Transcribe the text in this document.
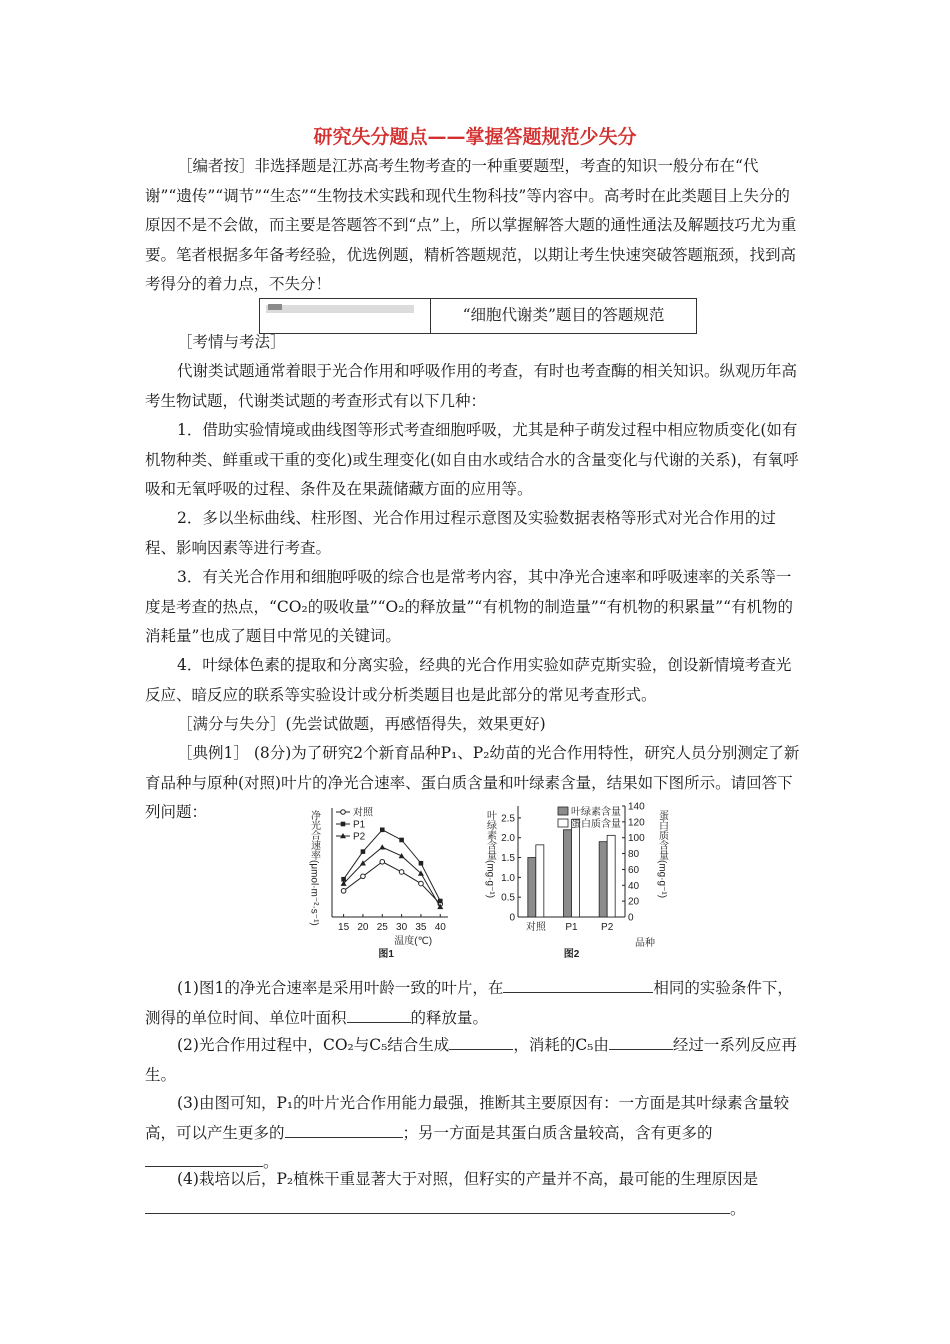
研究失分题点——掌握答题规范少失分

［编者按］非选择题是江苏高考生物考查的一种重要题型，考查的知识一般分布在“代谢”“遗传”“调节”“生态”“生物技术实践和现代生物科技”等内容中。高考时在此类题目上失分的原因不是不会做，而主要是答题答不到“点”上，所以掌握解答大题的通性通法及解题技巧尤为重要。笔者根据多年备考经验，优选例题，精析答题规范，以期让考生快速突破答题瓶颈，找到高考得分的着力点，不失分！

“细胞代谢类”题目的答题规范

［考情与考法］

代谢类试题通常着眼于光合作用和呼吸作用的考查，有时也考查酶的相关知识。纵观历年高考生物试题，代谢类试题的考查形式有以下几种：

1．借助实验情境或曲线图等形式考查细胞呼吸，尤其是种子萌发过程中相应物质变化(如有机物种类、鲜重或干重的变化)或生理变化(如自由水或结合水的含量变化与代谢的关系)，有氧呼吸和无氧呼吸的过程、条件及在果蔬储藏方面的应用等。

2．多以坐标曲线、柱形图、光合作用过程示意图及实验数据表格等形式对光合作用的过程、影响因素等进行考查。

3．有关光合作用和细胞呼吸的综合也是常考内容，其中净光合速率和呼吸速率的关系等一度是考查的热点，“CO₂的吸收量”“O₂的释放量”“有机物的制造量”“有机物的积累量”“有机物的消耗量”也成了题目中常见的关键词。

4．叶绿体色素的提取和分离实验，经典的光合作用实验如萨克斯实验，创设新情境考查光反应、暗反应的联系等实验设计或分析类题目也是此部分的常见考查形式。

［满分与失分］(先尝试做题，再感悟得失，效果更好)

［典例1］ (8分)为了研究2个新育品种P₁、P₂幼苗的光合作用特性，研究人员分别测定了新育品种与原种(对照)叶片的净光合速率、蛋白质含量和叶绿素含量，结果如下图所示。请回答下列问题：

15 20 25 30 35 40
温度(℃)
图1
净光合速率(μmol·m⁻²·s⁻¹)	对照
P1
P2
0
0.5
1.0
1.5
2.0
2.5
0
20
40
60
80
100
120
140
叶绿素含量(mg·g⁻¹)	蛋白质含量(mg·g⁻¹)
对照 P1 P2
品种
图2
叶绿素含量
蛋白质含量

(1)图1的净光合速率是采用叶龄一致的叶片，在	相同的实验条件下，测得的单位时间、单位叶面积	的释放量。

(2)光合作用过程中，CO₂与C₅结合生成	，消耗的C₅由	经过一系列反应再生。

(3)由图可知，P₁的叶片光合作用能力最强，推断其主要原因有：一方面是其叶绿素含量较高，可以产生更多的	；另一方面是其蛋白质含量较高，含有更多的。

(4)栽培以后，P₂植株干重显著大于对照，但籽实的产量并不高，最可能的生理原因是
。
